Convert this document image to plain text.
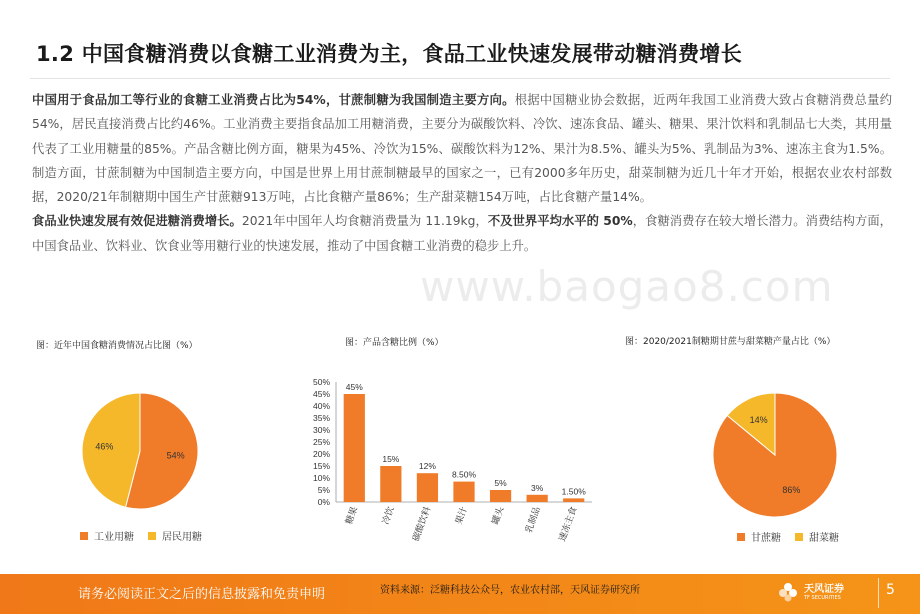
1.2 中国食糖消费以食糖工业消费为主，食品工业快速发展带动糖消费增长

中国用于食品加工等行业的食糖工业消费占比为54%，甘蔗制糖为我国制造主要方向。根据中国糖业协会数据，近两年我国工业消费大致占食糖消费总量约54%，居民直接消费占比约46%。工业消费主要指食品加工用糖消费，主要分为碳酸饮料、冷饮、速冻食品、罐头、糖果、果汁饮料和乳制品七大类，其用量代表了工业用糖量的85%。产品含糖比例方面，糖果为45%、冷饮为15%、碳酸饮料为12%、果汁为8.5%、罐头为5%、乳制品为3%、速冻主食为1.5%。制造方面，甘蔗制糖为中国制造主要方向，中国是世界上用甘蔗制糖最早的国家之一，已有2000多年历史，甜菜制糖为近几十年才开始，根据农业农村部数据，2020/21年制糖期中国生产甘蔗糖913万吨，占比食糖产量86%；生产甜菜糖154万吨，占比食糖产量14%。

食品业快速发展有效促进糖消费增长。2021年中国年人均食糖消费量为 11.19kg，不及世界平均水平的 50%，食糖消费存在较大增长潜力。消费结构方面，中国食品业、饮料业、饮食业等用糖行业的快速发展，推动了中国食糖工业消费的稳步上升。

www.baogao8.com
图：近年中国食糖消费情况占比图（%）
54%
46%
工业用糖	居民用糖
图：产品含糖比例（%）
0%
5%
10%
15%
20%
25%
30%
35%
40%
45%
50% 45%
糖果
15%
冷饮
12%
碳酸饮料
8.50%
果汁
5%
罐头
3%
乳制品
1.50%
速冻主食
图：2020/2021制糖期甘蔗与甜菜糖产量占比（%）
86%
14%
甘蔗糖	甜菜糖
请务必阅读正文之后的信息披露和免责申明	资料来源：泛糖科技公众号，农业农村部，天风证券研究所	天风证券
TF SECURITIES	5
